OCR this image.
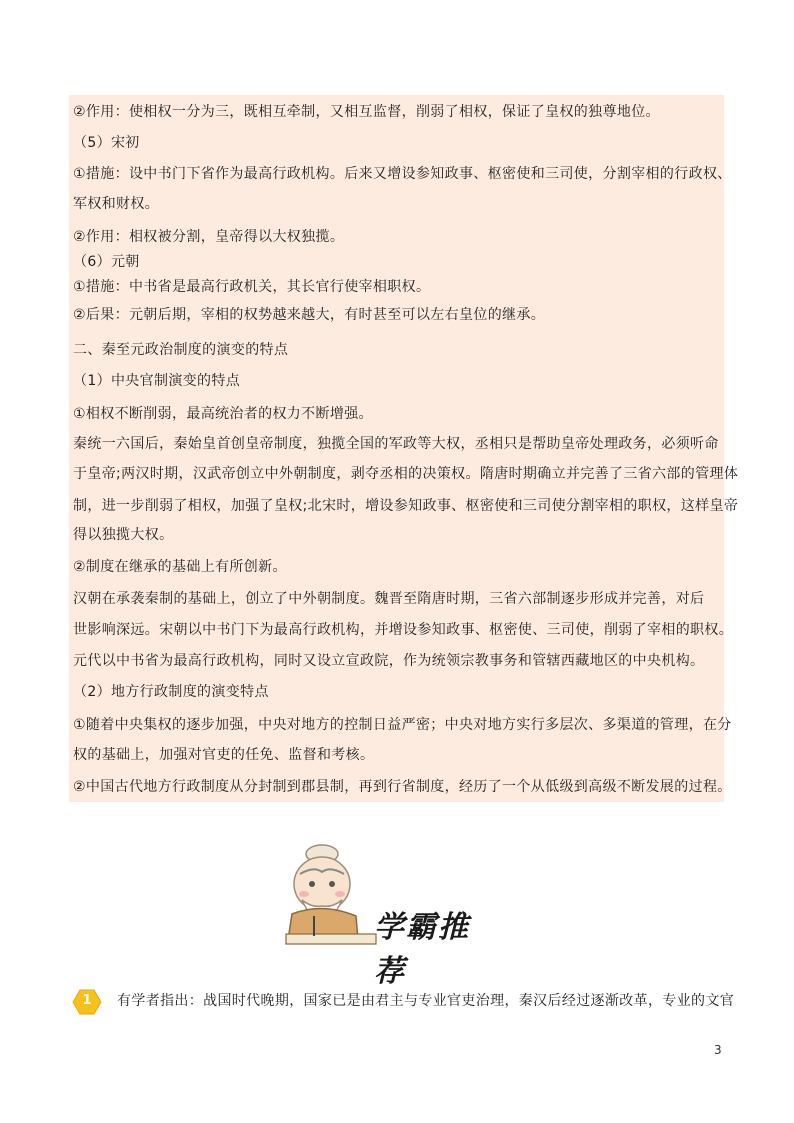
②作用：使相权一分为三，既相互牵制，又相互监督，削弱了相权，保证了皇权的独尊地位。
（5）宋初
①措施：设中书门下省作为最高行政机构。后来又增设参知政事、枢密使和三司使，分割宰相的行政权、
军权和财权。
②作用：相权被分割，皇帝得以大权独揽。
（6）元朝
①措施：中书省是最高行政机关，其长官行使宰相职权。
②后果：元朝后期，宰相的权势越来越大，有时甚至可以左右皇位的继承。
二、秦至元政治制度的演变的特点
（1）中央官制演变的特点
①相权不断削弱，最高统治者的权力不断增强。
秦统一六国后，秦始皇首创皇帝制度，独揽全国的军政等大权，丞相只是帮助皇帝处理政务，必须听命
于皇帝;两汉时期，汉武帝创立中外朝制度，剥夺丞相的决策权。隋唐时期确立并完善了三省六部的管理体
制，进一步削弱了相权，加强了皇权;北宋时，增设参知政事、枢密使和三司使分割宰相的职权，这样皇帝
得以独揽大权。
②制度在继承的基础上有所创新。
汉朝在承袭秦制的基础上，创立了中外朝制度。魏晋至隋唐时期，三省六部制逐步形成并完善，对后
世影响深远。宋朝以中书门下为最高行政机构，并增设参知政事、枢密使、三司使，削弱了宰相的职权。
元代以中书省为最高行政机构，同时又设立宣政院，作为统领宗教事务和管辖西藏地区的中央机构。
（2）地方行政制度的演变特点
①随着中央集权的逐步加强，中央对地方的控制日益严密；中央对地方实行多层次、多渠道的管理，在分
权的基础上，加强对官吏的任免、监督和考核。
②中国古代地方行政制度从分封制到郡县制，再到行省制度，经历了一个从低级到高级不断发展的过程。
学霸推荐
1	有学者指出：战国时代晚期，国家已是由君主与专业官吏治理，秦汉后经过逐渐改革，专业的文官
3
